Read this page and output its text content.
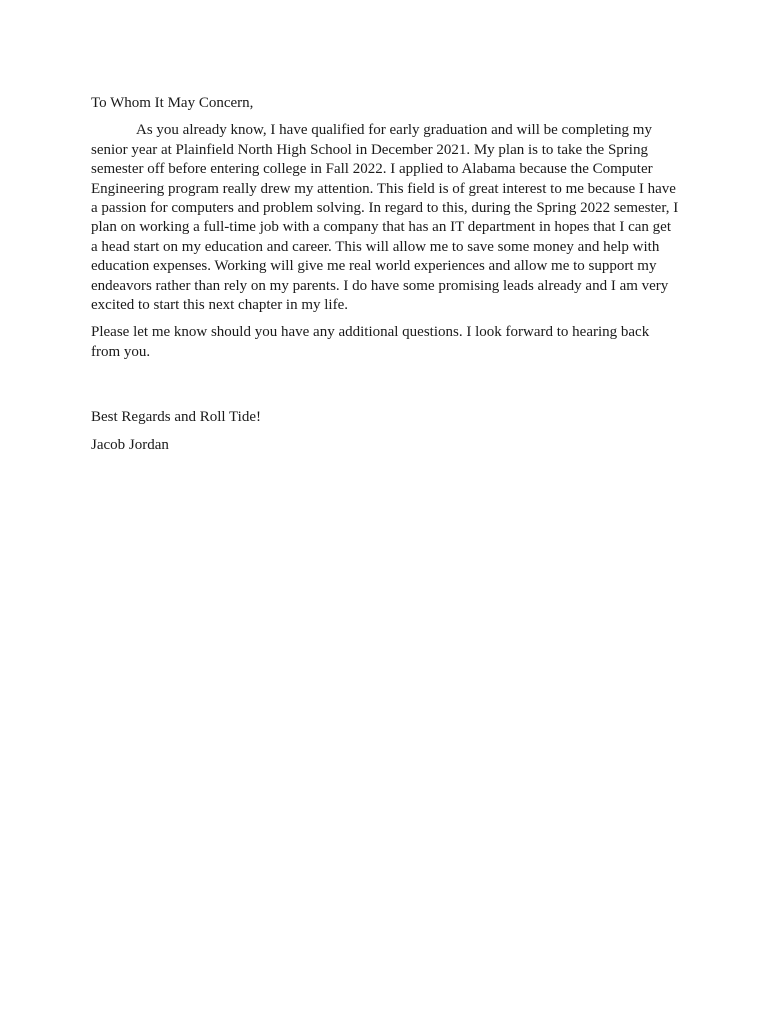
To Whom It May Concern,

As you already know, I have qualified for early graduation and will be completing my senior year at Plainfield North High School in December 2021. My plan is to take the Spring semester off before entering college in Fall 2022. I applied to Alabama because the Computer Engineering program really drew my attention. This field is of great interest to me because I have a passion for computers and problem solving. In regard to this, during the Spring 2022 semester, I plan on working a full-time job with a company that has an IT department in hopes that I can get a head start on my education and career. This will allow me to save some money and help with education expenses. Working will give me real world experiences and allow me to support my endeavors rather than rely on my parents. I do have some promising leads already and I am very excited to start this next chapter in my life.

Please let me know should you have any additional questions. I look forward to hearing back from you.

Best Regards and Roll Tide!

Jacob Jordan
